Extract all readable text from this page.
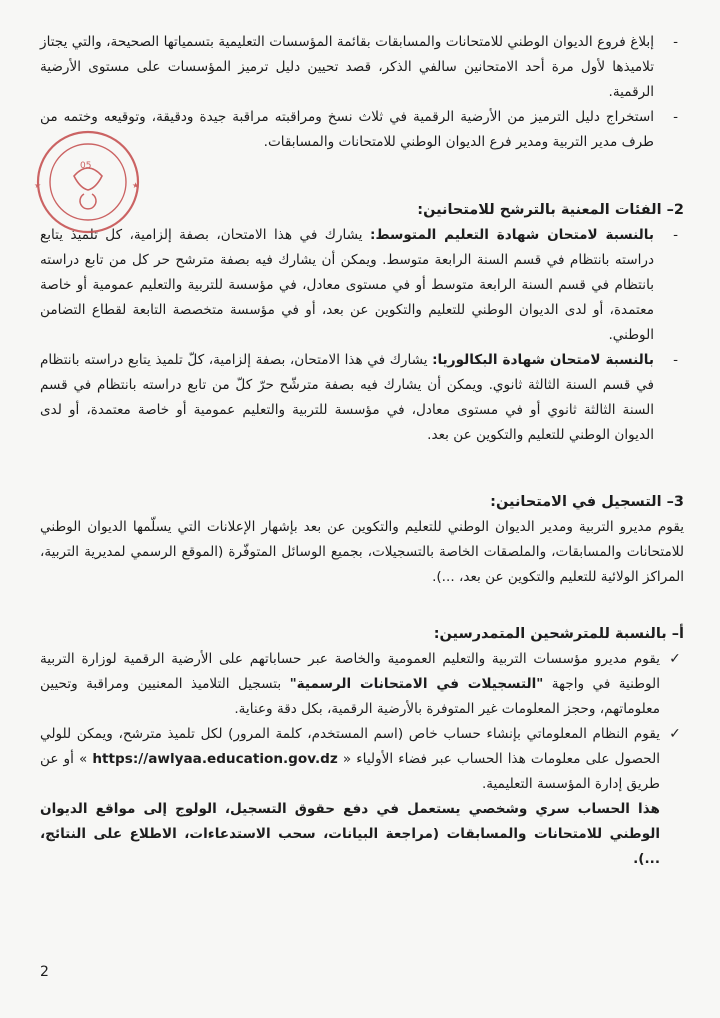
- إبلاغ فروع الديوان الوطني للامتحانات والمسابقات بقائمة المؤسسات التعليمية بتسمياتها الصحيحة، والتي يجتاز تلاميذها لأول مرة أحد الامتحانين سالفي الذكر، قصد تحيين دليل ترميز المؤسسات على مستوى الأرضية الرقمية.
- استخراج دليل الترميز من الأرضية الرقمية في ثلاث نسخ ومراقبته مراقبة جيدة ودقيقة، وتوقيعه وختمه من طرف مدير التربية ومدير فرع الديوان الوطني للامتحانات والمسابقات.
2– الفئات المعنية بالترشح للامتحانين:
- بالنسبة لامتحان شهادة التعليم المتوسط: يشارك في هذا الامتحان، بصفة إلزامية، كل تلميذ يتابع دراسته بانتظام في قسم السنة الرابعة متوسط. ويمكن أن يشارك فيه بصفة مترشح حر كل من تابع دراسته بانتظام في قسم السنة الرابعة متوسط أو في مستوى معادل، في مؤسسة للتربية والتعليم عمومية أو خاصة معتمدة، أو لدى الديوان الوطني للتعليم والتكوين عن بعد، أو في مؤسسة متخصصة التابعة لقطاع التضامن الوطني.
- بالنسبة لامتحان شهادة البكالوريا: يشارك في هذا الامتحان، بصفة إلزامية، كلّ تلميذ يتابع دراسته بانتظام في قسم السنة الثالثة ثانوي. ويمكن أن يشارك فيه بصفة مترشّح حرّ كلّ من تابع دراسته بانتظام في قسم السنة الثالثة ثانوي أو في مستوى معادل، في مؤسسة للتربية والتعليم عمومية أو خاصة معتمدة، أو لدى الديوان الوطني للتعليم والتكوين عن بعد.
3– التسجيل في الامتحانين:
يقوم مديرو التربية ومدير الديوان الوطني للتعليم والتكوين عن بعد بإشهار الإعلانات التي يسلّمها الديوان الوطني للامتحانات والمسابقات، والملصقات الخاصة بالتسجيلات، بجميع الوسائل المتوفّرة (الموقع الرسمي لمديرية التربية، المراكز الولائية للتعليم والتكوين عن بعد، ...).
أ– بالنسبة للمترشحين المتمدرسين:
✓
يقوم مديرو مؤسسات التربية والتعليم العمومية والخاصة عبر حساباتهم على الأرضية الرقمية لوزارة التربية الوطنية في واجهة "التسجيلات في الامتحانات الرسمية" بتسجيل التلاميذ المعنيين ومراقبة وتحيين معلوماتهم، وحجز المعلومات غير المتوفرة بالأرضية الرقمية، بكل دقة وعناية.
✓
يقوم النظام المعلوماتي بإنشاء حساب خاص (اسم المستخدم، كلمة المرور) لكل تلميذ مترشح، ويمكن للولي الحصول على معلومات هذا الحساب عبر فضاء الأولياء « https://awlyaa.education.gov.dz » أو عن طريق إدارة المؤسسة التعليمية.
هذا الحساب سري وشخصي يستعمل في دفع حقوق التسجيل، الولوج إلى مواقع الديوان الوطني للامتحانات والمسابقات (مراجعة البيانات، سحب الاستدعاءات، الاطلاع على النتائج، ...).
05
★	★
2
